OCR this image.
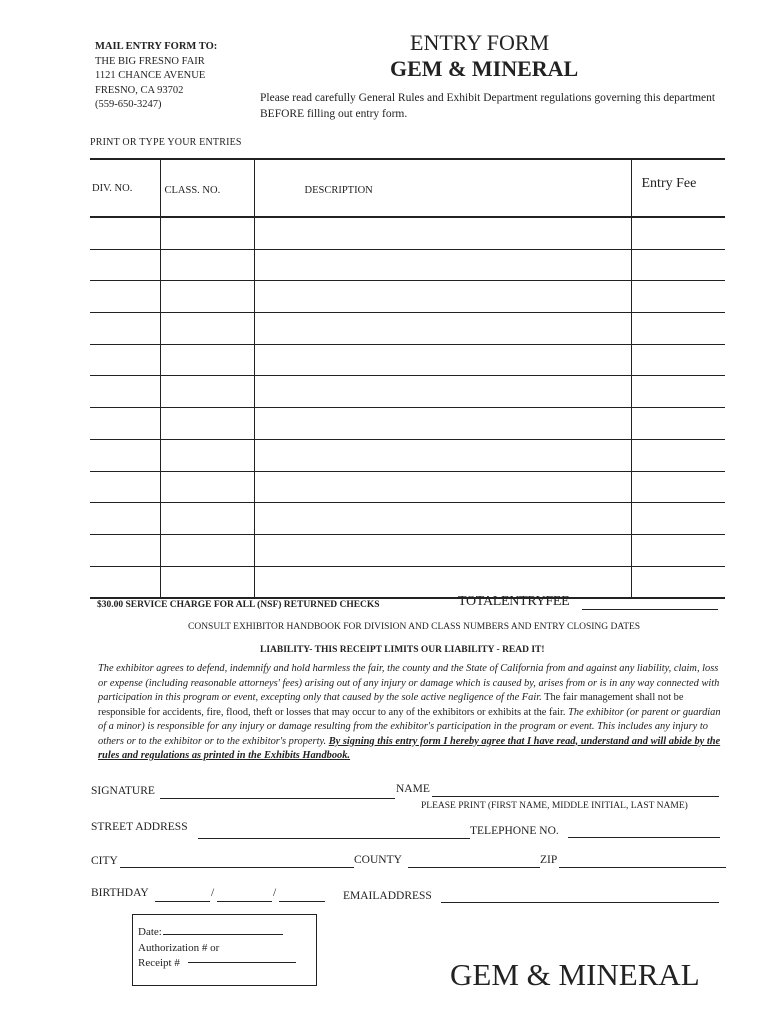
MAIL ENTRY FORM TO:
THE BIG FRESNO FAIR
1121 CHANCE AVENUE
FRESNO, CA 93702
(559-650-3247)
ENTRY FORM
GEM & MINERAL
Please read carefully General Rules and Exhibit Department regulations governing this department BEFORE filling out entry form.
PRINT OR TYPE YOUR ENTRIES
DIV. NO.	CLASS. NO.	DESCRIPTION	Entry Fee

$30.00 SERVICE CHARGE FOR ALL (NSF) RETURNED CHECKS	TOTALENTRYFEE
CONSULT EXHIBITOR HANDBOOK FOR DIVISION AND CLASS NUMBERS AND ENTRY CLOSING DATES
LIABILITY- THIS RECEIPT LIMITS OUR LIABILITY - READ IT!
The exhibitor agrees to defend, indemnify and hold harmless the fair, the county and the State of California from and against any liability, claim, loss or expense (including reasonable attorneys' fees) arising out of any injury or damage which is caused by, arises from or is in any way connected with participation in this program or event, excepting only that caused by the sole active negligence of the Fair. The fair management shall not be responsible for accidents, fire, flood, theft or losses that may occur to any of the exhibitors or exhibits at the fair. The exhibitor (or parent or guardian of a minor) is responsible for any injury or damage resulting from the exhibitor's participation in the program or event. This includes any injury to others or to the exhibitor or to the exhibitor's property. By signing this entry form I hereby agree that I have read, understand and will abide by the rules and regulations as printed in the Exhibits Handbook.
SIGNATURE	NAME
PLEASE PRINT (FIRST NAME, MIDDLE INITIAL, LAST NAME)
STREET ADDRESS	TELEPHONE NO.
CITY	COUNTY	ZIP
BIRTHDAY	/	/	EMAILADDRESS
Date:
Authorization # or
Receipt #	GEM & MINERAL
